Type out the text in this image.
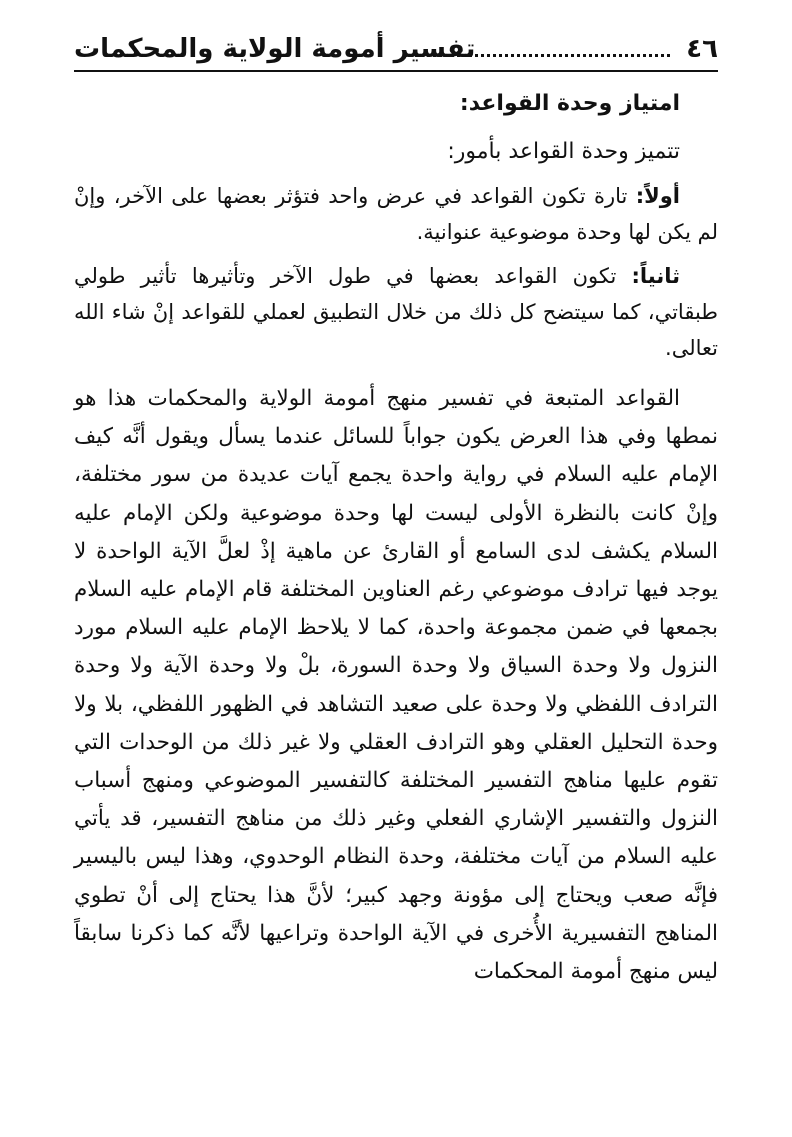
٤٦
تفسير أمومة الولاية والمحكمات
امتياز وحدة القواعد:
تتميز وحدة القواعد بأمور:

أولاً: تارة تكون القواعد في عرض واحد فتؤثر بعضها على الآخر، وإنْ لم يكن لها وحدة موضوعية عنوانية.

ثانياً: تكون القواعد بعضها في طول الآخر وتأثيرها تأثير طولي طبقاتي، كما سيتضح كل ذلك من خلال التطبيق لعملي للقواعد إنْ شاء الله تعالى.

القواعد المتبعة في تفسير منهج أمومة الولاية والمحكمات هذا هو نمطها وفي هذا العرض يكون جواباً للسائل عندما يسأل ويقول أنَّه كيف الإمام عليه السلام في رواية واحدة يجمع آيات عديدة من سور مختلفة، وإنْ كانت بالنظرة الأولى ليست لها وحدة موضوعية ولكن الإمام عليه السلام يكشف لدى السامع أو القارئ عن ماهية إذْ لعلَّ الآية الواحدة لا يوجد فيها ترادف موضوعي رغم العناوين المختلفة قام الإمام عليه السلام بجمعها في ضمن مجموعة واحدة، كما لا يلاحظ الإمام عليه السلام مورد النزول ولا وحدة السياق ولا وحدة السورة، بلْ ولا وحدة الآية ولا وحدة الترادف اللفظي ولا وحدة على صعيد التشاهد في الظهور اللفظي، بلا ولا وحدة التحليل العقلي وهو الترادف العقلي ولا غير ذلك من الوحدات التي تقوم عليها مناهج التفسير المختلفة كالتفسير الموضوعي ومنهج أسباب النزول والتفسير الإشاري الفعلي وغير ذلك من مناهج التفسير، قد يأتي عليه السلام من آيات مختلفة، وحدة النظام الوحدوي، وهذا ليس باليسير فإنَّه صعب ويحتاج إلى مؤونة وجهد كبير؛ لأنَّ هذا يحتاج إلى أنْ تطوي المناهج التفسيرية الأُخرى في الآية الواحدة وتراعيها لأنَّه كما ذكرنا سابقاً ليس منهج أمومة المحكمات
